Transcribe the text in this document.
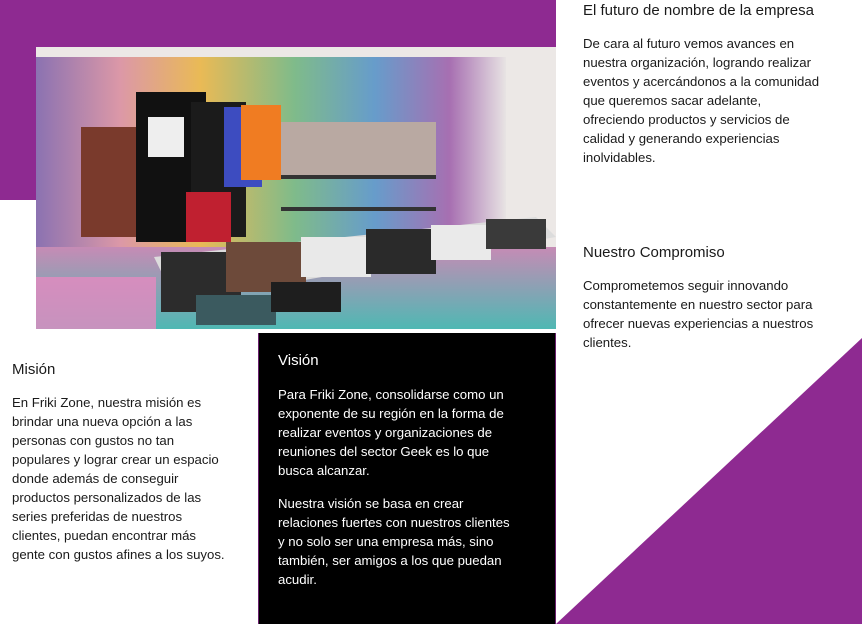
El futuro de nombre de la empresa

De cara al futuro vemos avances en
nuestra organización, logrando realizar
eventos y acercándonos a la comunidad
que queremos sacar adelante,
ofreciendo productos y servicios de
calidad y generando experiencias
inolvidables.

Nuestro Compromiso

Comprometemos seguir innovando
constantemente en nuestro sector para
ofrecer nuevas experiencias a nuestros
clientes.

Misión

En Friki Zone, nuestra misión es
brindar una nueva opción a las
personas con gustos no tan
populares y lograr crear un espacio
donde además de conseguir
productos personalizados de las
series preferidas de nuestros
clientes, puedan encontrar más
gente con gustos afines a los suyos.

Visión

Para Friki Zone, consolidarse como un
exponente de su región en la forma de
realizar eventos y organizaciones de
reuniones del sector Geek es lo que
busca alcanzar.

Nuestra visión se basa en crear
relaciones fuertes con nuestros clientes
y no solo ser una empresa más, sino
también, ser amigos a los que puedan
acudir.
